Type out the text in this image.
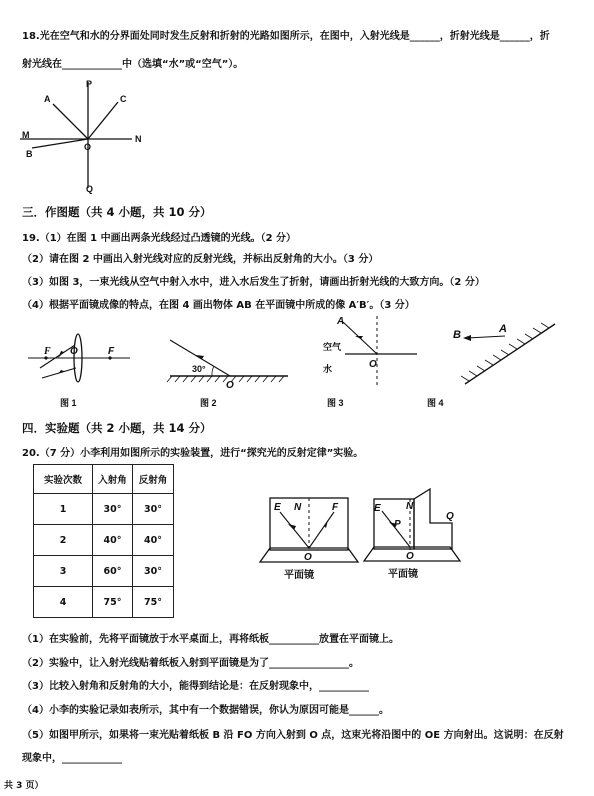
18.光在空气和水的分界面处同时发生反射和折射的光路如图所示，在图中，入射光线是______，折射光线是______，折
射光线在____________中（选填“水”或“空气”）。
A
P
C
M	N
B
O
Q
三．作图题（共 4 小题，共 10 分）
19.（1）在图 1 中画出两条光线经过凸透镜的光线。（2 分）
（2）请在图 2 中画出入射光线对应的反射光线，并标出反射角的大小。（3 分）
（3）如图 3，一束光线从空气中射入水中，进入水后发生了折射，请画出折射光线的大致方向。（2 分）
（4）根据平面镜成像的特点，在图 4 画出物体 AB 在平面镜中所成的像 A′B′。（3 分）
F O	F
图 1
30°
O
图 2
A
空气
水	O
图 3
B	A
图 4
四．实验题（共 2 小题，共 14 分）
20.（7 分）小李利用如图所示的实验装置，进行“探究光的反射定律”实验。
实验次数	入射角	反射角
1	30°	30°
2	40°	40°
3	60°	30°
4	75°	75°
E N	F
O
平面镜
E	N
P
Q
O
平面镜
（1）在实验前，先将平面镜放于水平桌面上，再将纸板__________放置在平面镜上。
（2）实验中，让入射光线贴着纸板入射到平面镜是为了________________。
（3）比较入射角和反射角的大小，能得到结论是：在反射现象中，__________
（4）小李的实验记录如表所示，其中有一个数据错误，你认为原因可能是______。
（5）如图甲所示，如果将一束光贴着纸板 B 沿 FO 方向入射到 O 点，这束光将沿图中的 OE 方向射出。这说明：在反射
现象中，____________
共 3 页）
